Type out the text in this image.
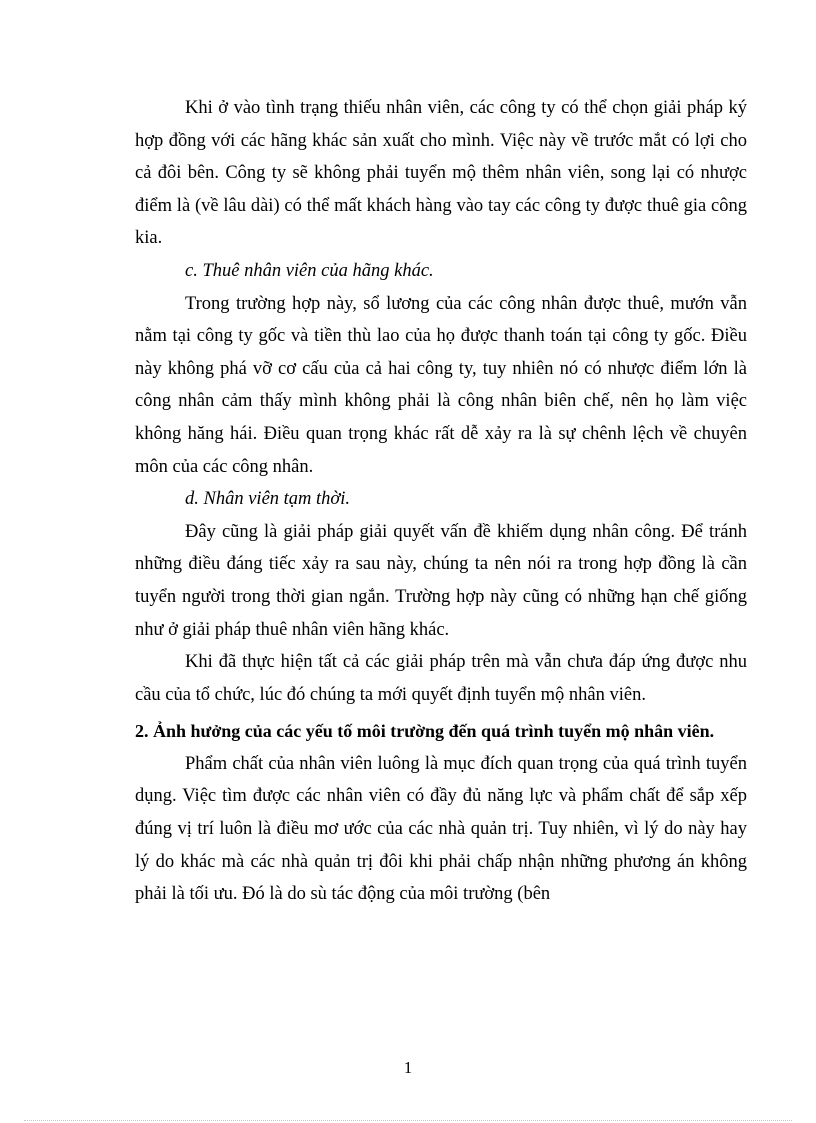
Khi ở vào tình trạng thiếu nhân viên, các công ty có thể chọn giải pháp ký hợp đồng với các hãng khác sản xuất cho mình. Việc này về trước mắt có lợi cho cả đôi bên. Công ty sẽ không phải tuyển mộ thêm nhân viên, song lại có nhược điểm là (về lâu dài) có thể mất khách hàng vào tay các công ty được thuê gia công kia.

c. Thuê nhân viên của hãng khác.

Trong trường hợp này, sổ lương của các công nhân được thuê, mướn vẫn nằm tại công ty gốc và tiền thù lao của họ được thanh toán tại công ty gốc. Điều này không phá vỡ cơ cấu của cả hai công ty, tuy nhiên nó có nhược điểm lớn là công nhân cảm thấy mình không phải là công nhân biên chế, nên họ làm việc không hăng hái. Điều quan trọng khác rất dễ xảy ra là sự chênh lệch về chuyên môn của các công nhân.

d. Nhân viên tạm thời.

Đây cũng là giải pháp giải quyết vấn đề khiếm dụng nhân công. Để tránh những điều đáng tiếc xảy ra sau này, chúng ta nên nói ra trong hợp đồng là cần tuyển người trong thời gian ngắn. Trường hợp này cũng có những hạn chế giống như ở giải pháp thuê nhân viên hãng khác.

Khi đã thực hiện tất cả các giải pháp trên mà vẫn chưa đáp ứng được nhu cầu của tổ chức, lúc đó chúng ta mới quyết định tuyển mộ nhân viên.

2. Ảnh hưởng của các yếu tố môi trường đến quá trình tuyển mộ nhân viên.

Phẩm chất của nhân viên luông là mục đích quan trọng của quá trình tuyển dụng. Việc tìm được các nhân viên có đầy đủ năng lực và phẩm chất để sắp xếp đúng vị trí luôn là điều mơ ước của các nhà quản trị. Tuy nhiên, vì lý do này hay lý do khác mà các nhà quản trị đôi khi phải chấp nhận những phương án không phải là tối ưu. Đó là do sù tác động của môi trường (bên

1
